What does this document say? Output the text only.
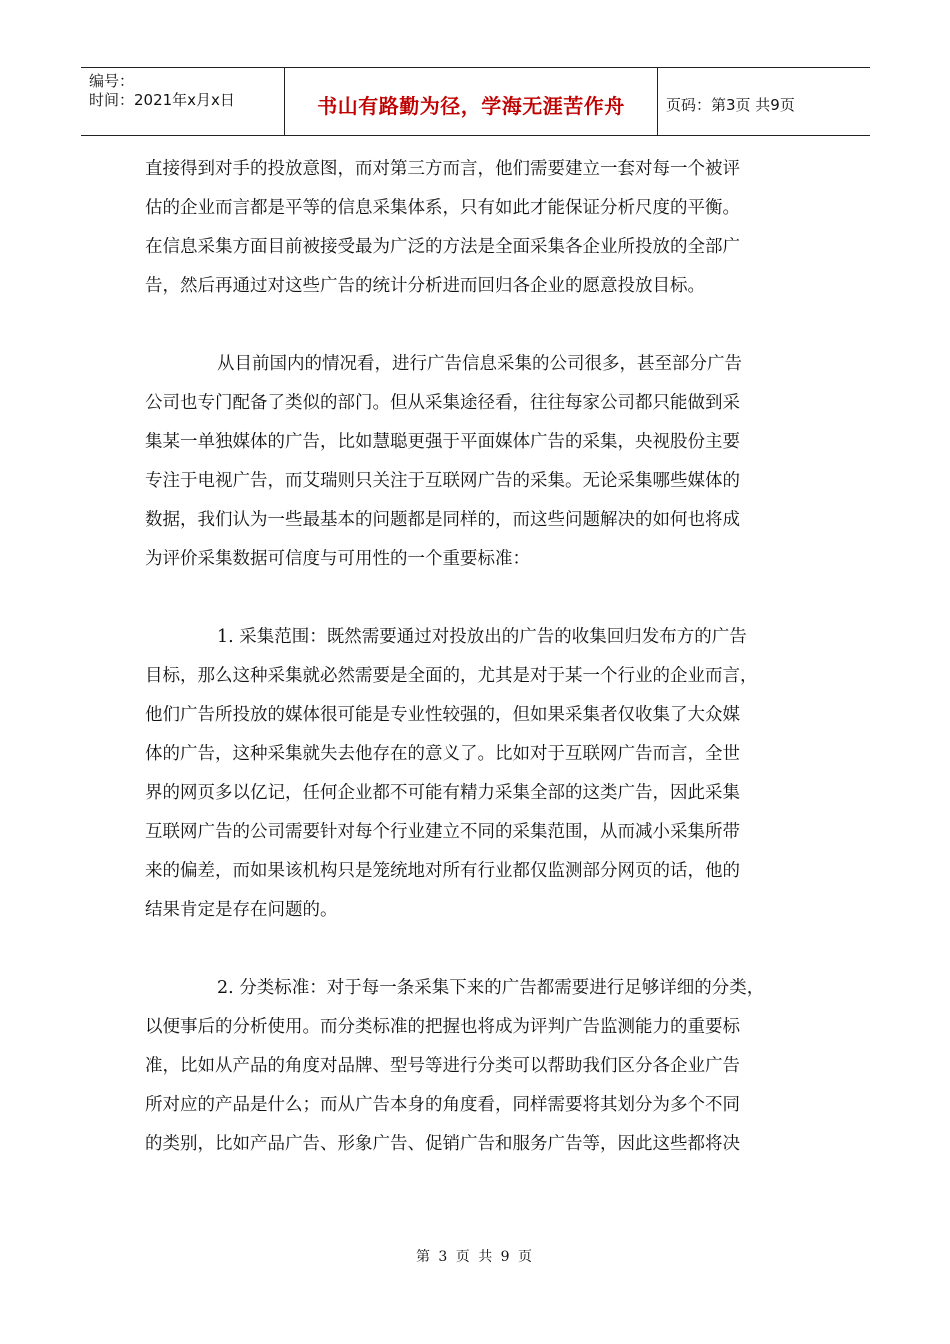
编号：
时间：2021年x月x日	书山有路勤为径，学海无涯苦作舟	页码：第3页 共9页

直接得到对手的投放意图，而对第三方而言，他们需要建立一套对每一个被评

估的企业而言都是平等的信息采集体系，只有如此才能保证分析尺度的平衡。

在信息采集方面目前被接受最为广泛的方法是全面采集各企业所投放的全部广

告，然后再通过对这些广告的统计分析进而回归各企业的愿意投放目标。

从目前国内的情况看，进行广告信息采集的公司很多，甚至部分广告

公司也专门配备了类似的部门。但从采集途径看，往往每家公司都只能做到采

集某一单独媒体的广告，比如慧聪更强于平面媒体广告的采集，央视股份主要

专注于电视广告，而艾瑞则只关注于互联网广告的采集。无论采集哪些媒体的

数据，我们认为一些最基本的问题都是同样的，而这些问题解决的如何也将成

为评价采集数据可信度与可用性的一个重要标准：

1. 采集范围：既然需要通过对投放出的广告的收集回归发布方的广告

目标，那么这种采集就必然需要是全面的，尤其是对于某一个行业的企业而言，

他们广告所投放的媒体很可能是专业性较强的，但如果采集者仅收集了大众媒

体的广告，这种采集就失去他存在的意义了。比如对于互联网广告而言，全世

界的网页多以亿记，任何企业都不可能有精力采集全部的这类广告，因此采集

互联网广告的公司需要针对每个行业建立不同的采集范围，从而减小采集所带

来的偏差，而如果该机构只是笼统地对所有行业都仅监测部分网页的话，他的

结果肯定是存在问题的。

2. 分类标准：对于每一条采集下来的广告都需要进行足够详细的分类，

以便事后的分析使用。而分类标准的把握也将成为评判广告监测能力的重要标

准，比如从产品的角度对品牌、型号等进行分类可以帮助我们区分各企业广告

所对应的产品是什么；而从广告本身的角度看，同样需要将其划分为多个不同

的类别，比如产品广告、形象广告、促销广告和服务广告等，因此这些都将决

第 3 页 共 9 页
